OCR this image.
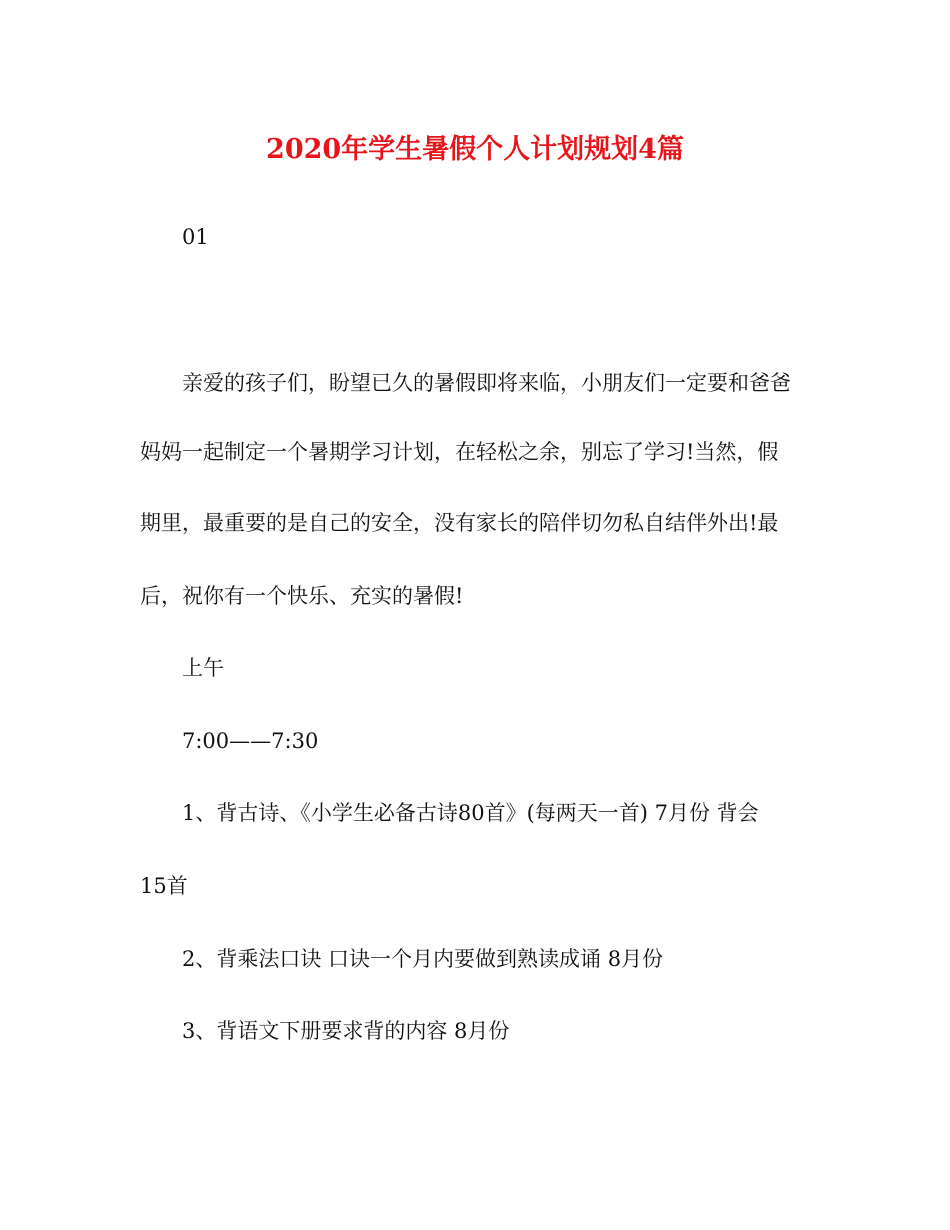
2020年学生暑假个人计划规划4篇
01
亲爱的孩子们，盼望已久的暑假即将来临，小朋友们一定要和爸爸
妈妈一起制定一个暑期学习计划，在轻松之余，别忘了学习!当然，假
期里，最重要的是自己的安全，没有家长的陪伴切勿私自结伴外出!最
后，祝你有一个快乐、充实的暑假!
上午
7:00——7:30
1、背古诗、《小学生必备古诗80首》(每两天一首) 7月份 背会
15首
2、背乘法口诀 口诀一个月内要做到熟读成诵 8月份
3、背语文下册要求背的内容 8月份
